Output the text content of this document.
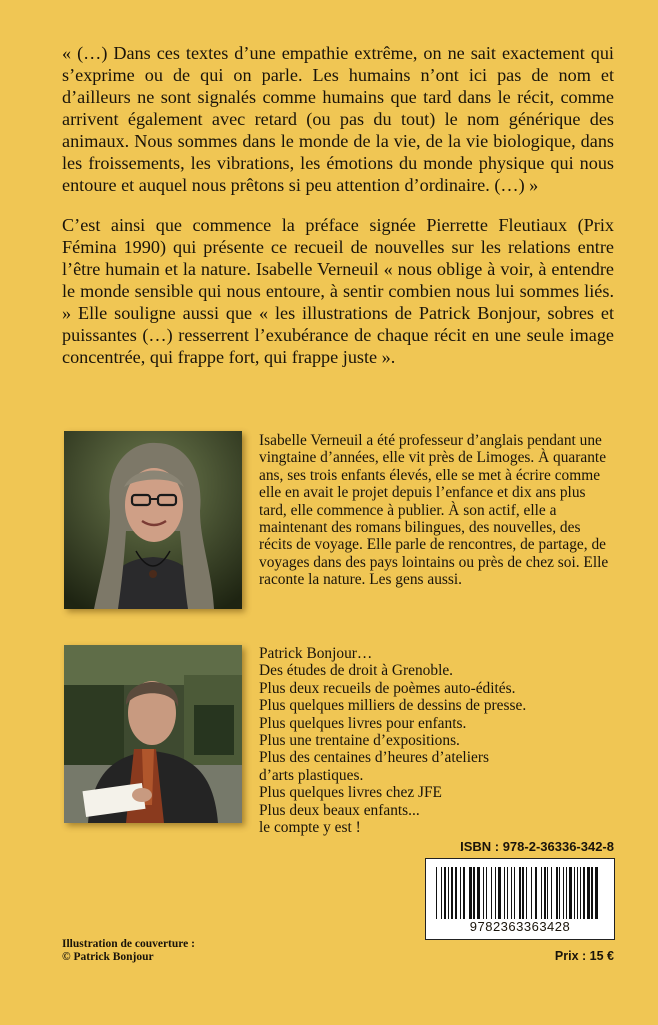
« (…) Dans ces textes d’une empathie extrême, on ne sait exactement qui s’exprime ou de qui on parle. Les humains n’ont ici pas de nom et d’ailleurs ne sont signalés comme humains que tard dans le récit, comme arrivent également avec retard (ou pas du tout) le nom générique des animaux. Nous sommes dans le monde de la vie, de la vie biologique, dans les froissements, les vibrations, les émotions du monde physique qui nous entoure et auquel nous prêtons si peu attention d’ordinaire. (…) »

C’est ainsi que commence la préface signée Pierrette Fleutiaux (Prix Fémina 1990) qui présente ce recueil de nouvelles sur les relations entre l’être humain et la nature. Isabelle Verneuil « nous oblige à voir, à entendre le monde sensible qui nous entoure, à sentir combien nous lui sommes liés. » Elle souligne aussi que « les illustrations de Patrick Bonjour, sobres et puissantes (…) resserrent l’exubérance de chaque récit en une seule image concentrée, qui frappe fort, qui frappe juste ».

Isabelle Verneuil a été professeur d’anglais pendant une vingtaine d’années, elle vit près de Limoges. À quarante ans, ses trois enfants élevés, elle se met à écrire comme elle en avait le projet depuis l’enfance et dix ans plus tard, elle commence à publier. À son actif, elle a maintenant des romans bilingues, des nouvelles, des récits de voyage. Elle parle de rencontres, de partage, de voyages dans des pays lointains ou près de chez soi. Elle raconte la nature. Les gens aussi.

Patrick Bonjour…
Des études de droit à Grenoble.
Plus deux recueils de poèmes auto-édités.
Plus quelques milliers de dessins de presse.
Plus quelques livres pour enfants.
Plus une trentaine d’expositions.
Plus des centaines d’heures d’ateliers
d’arts plastiques.
Plus quelques livres chez JFE
Plus deux beaux enfants...
le compte y est !
ISBN : 978-2-36336-342-8
9782363363428
Illustration de couverture :
© Patrick Bonjour	Prix : 15 €
